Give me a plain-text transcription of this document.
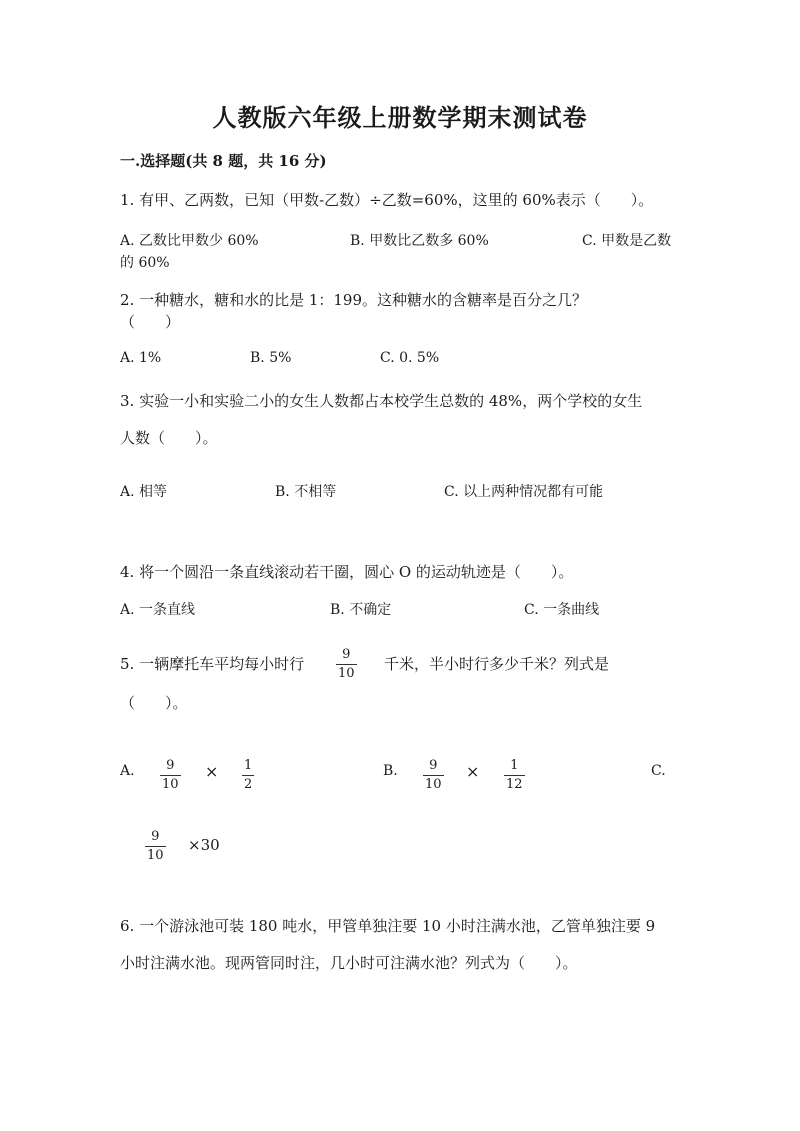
人教版六年级上册数学期末测试卷
一.选择题(共 8 题，共 16 分)
1. 有甲、乙两数，已知（甲数-乙数）÷乙数=60%，这里的 60%表示（　　）。
A. 乙数比甲数少 60%	B. 甲数比乙数多 60%	C. 甲数是乙数
的 60%
2. 一种糖水，糖和水的比是 1：199。这种糖水的含糖率是百分之几？
（　　）
A. 1%	B. 5%	C. 0. 5%
3. 实验一小和实验二小的女生人数都占本校学生总数的 48%，两个学校的女生
人数（　　）。
A. 相等	B. 不相等	C. 以上两种情况都有可能
4. 将一个圆沿一条直线滚动若干圈，圆心 O 的运动轨迹是（　　）。
A. 一条直线	B. 不确定	C. 一条曲线
5. 一辆摩托车平均每小时行
9
10
千米，半小时行多少千米？列式是
（　　）。
A. 9
10
× 1
2
B. 9
10
× 1
12
C.
9
10
×30
6. 一个游泳池可装 180 吨水，甲管单独注要 10 小时注满水池，乙管单独注要 9
小时注满水池。现两管同时注，几小时可注满水池？列式为（　　）。
